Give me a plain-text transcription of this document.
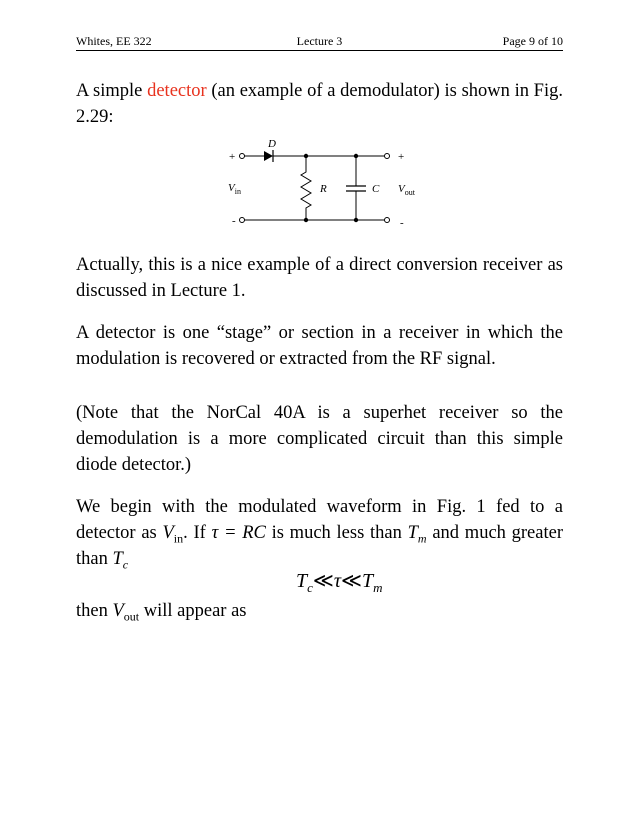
Whites, EE 322	Lecture 3	Page 9 of 10

A simple detector (an example of a demodulator) is shown in Fig. 2.29:

D
+	+
$V_{in}$	R	C $V_{out}$
-	-

Actually, this is a nice example of a direct conversion receiver as discussed in Lecture 1.

A detector is one “stage” or section in a receiver in which the modulation is recovered or extracted from the RF signal.

(Note that the NorCal 40A is a superhet receiver so the demodulation is a more complicated circuit than this simple diode detector.)

We begin with the modulated waveform in Fig. 1 fed to a detector as $V_{in}$. If τ = RC is much less than $T_m$ and much greater than $T_c$

$T_c≪\tau≪T_m$

then $V_{out}$ will appear as
